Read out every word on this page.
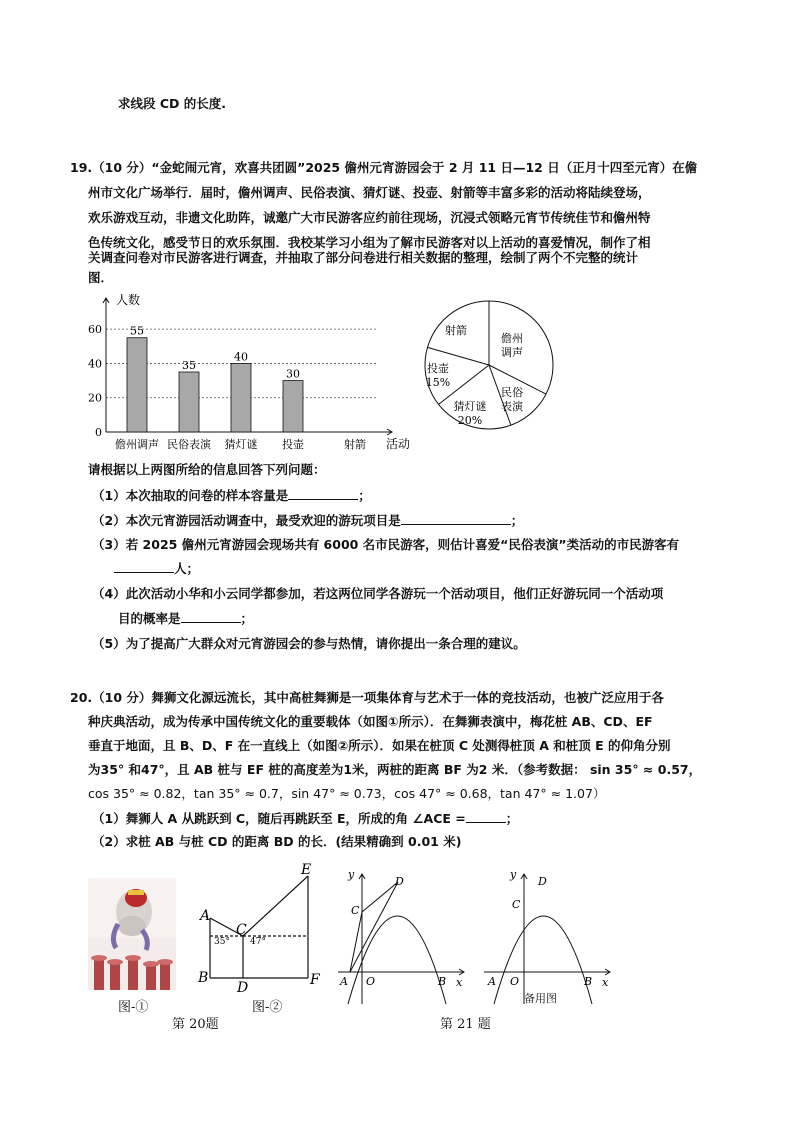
求线段 CD 的长度.
19.（10 分）“金蛇闹元宵，欢喜共团圆”2025 儋州元宵游园会于 2 月 11 日—12 日（正月十四至元宵）在儋
州市文化广场举行．届时，儋州调声、民俗表演、猜灯谜、投壶、射箭等丰富多彩的活动将陆续登场，
欢乐游戏互动，非遗文化助阵，诚邀广大市民游客应约前往现场，沉浸式领略元宵节传统佳节和儋州特
色传统文化，感受节日的欢乐氛围．我校某学习小组为了解市民游客对以上活动的喜爱情况，制作了相
关调查问卷对市民游客进行调查，并抽取了部分问卷进行相关数据的整理，绘制了两个不完整的统计
图．
0
20
40
60
人数
活动
55
儋州调声
35
民俗表演
40
猜灯谜
30
投壶	射箭
射箭
儋州调声
民俗表演
猜灯谜 20%
投壶 15%
请根据以上两图所给的信息回答下列问题：
（1）本次抽取的问卷的样本容量是	；
（2）本次元宵游园活动调查中，最受欢迎的游玩项目是	；
（3）若 2025 儋州元宵游园会现场共有 6000 名市民游客，则估计喜爱“民俗表演”类活动的市民游客有
人；
（4）此次活动小华和小云同学都参加，若这两位同学各游玩一个活动项目，他们正好游玩同一个活动项
目的概率是	；
（5）为了提高广大群众对元宵游园会的参与热情，请你提出一条合理的建议。
20.（10 分）舞狮文化源远流长，其中高桩舞狮是一项集体育与艺术于一体的竞技活动，也被广泛应用于各
种庆典活动，成为传承中国传统文化的重要载体（如图①所示）．在舞狮表演中，梅花桩 AB、CD、EF
垂直于地面，且 B、D、F 在一直线上（如图②所示）．如果在桩顶 C 处测得桩顶 A 和桩顶 E 的仰角分别
为35° 和47°，且 AB 桩与 EF 桩的高度差为1米，两桩的距离 BF 为2 米．（参考数据： sin 35° ≈ 0.57，
cos 35° ≈ 0.82，tan 35° ≈ 0.7，sin 47° ≈ 0.73，cos 47° ≈ 0.68，tan 47° ≈ 1.07）
（1）舞狮人 A 从跳跃到 C，随后再跳跃至 E，所成的角 ∠ACE =	；
（2）求桩 AB 与桩 CD 的距离 BD 的长．(结果精确到 0.01 米)
图-①
A
B
C
D
E
F
35° 47°
图-②
第 20题
y
x
O
A	B
C
D
y
x
O
A	B
C
D
备用图
第 21 题
